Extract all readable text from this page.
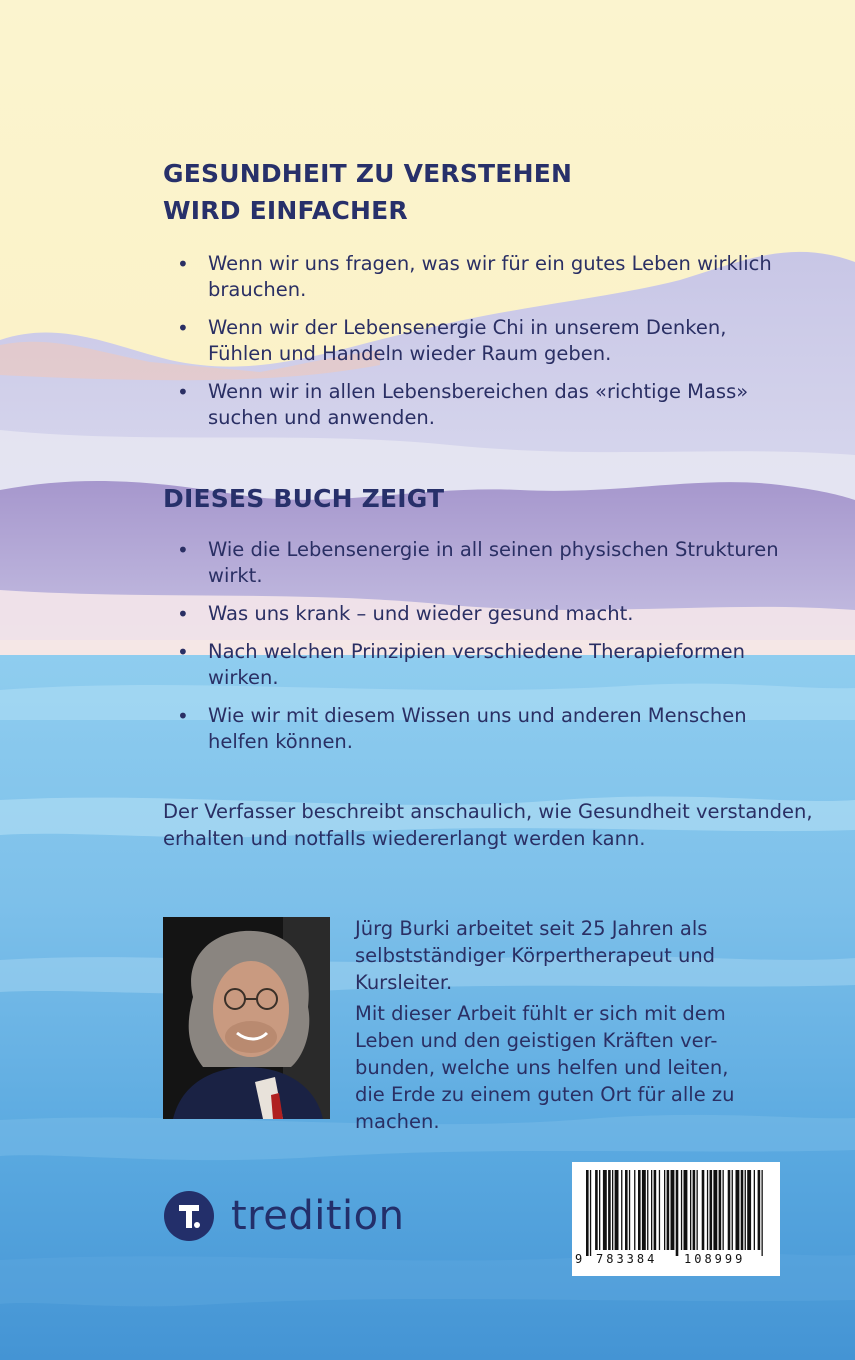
GESUNDHEIT ZU VERSTEHEN
WIRD EINFACHER
• Wenn wir uns fragen, was wir für ein gutes Leben wirklich
brauchen.
• Wenn wir der Lebensenergie Chi in unserem Denken,
Fühlen und Handeln wieder Raum geben.
• Wenn wir in allen Lebensbereichen das «richtige Mass»
suchen und anwenden.
DIESES BUCH ZEIGT
• Wie die Lebensenergie in all seinen physischen Strukturen
wirkt.
• Was uns krank – und wieder gesund macht.
• Nach welchen Prinzipien verschiedene Therapieformen
wirken.
• Wie wir mit diesem Wissen uns und anderen Menschen
helfen können.

Der Verfasser beschreibt anschaulich, wie Gesundheit verstanden,
erhalten und notfalls wiedererlangt werden kann.

Jürg Burki arbeitet seit 25 Jahren als
selbstständiger Körpertherapeut und
Kursleiter.
Mit dieser Arbeit fühlt er sich mit dem
Leben und den geistigen Kräften ver-
bunden, welche uns helfen und leiten,
die Erde zu einem guten Ort für alle zu
machen.
tredition
9 783384 108999
